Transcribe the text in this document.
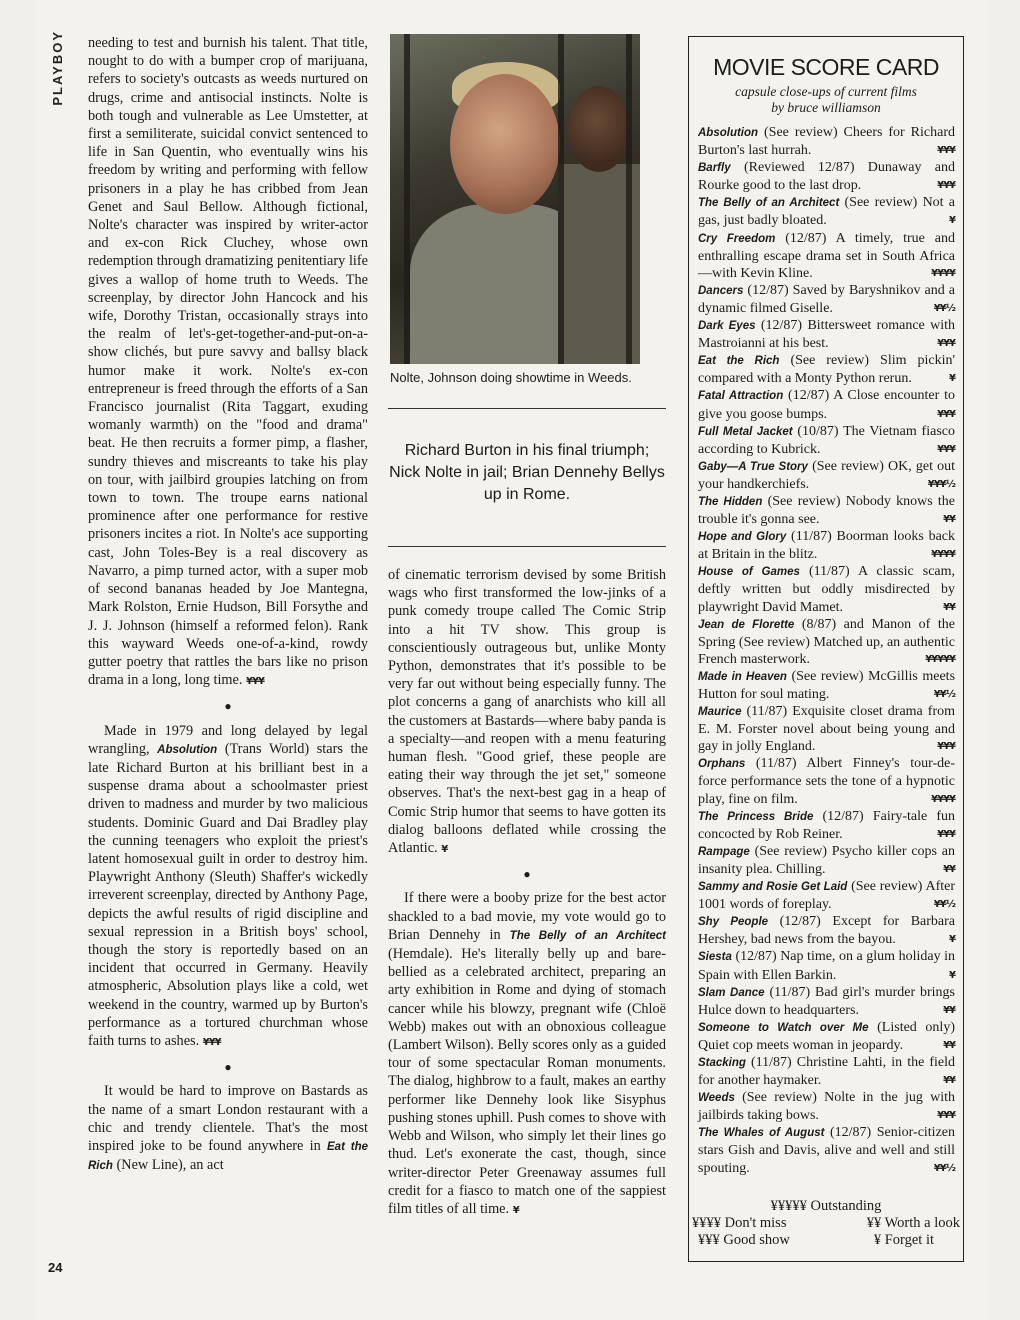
PLAYBOY
24

needing to test and burnish his talent. That title, nought to do with a bumper crop of marijuana, refers to society's outcasts as weeds nurtured on drugs, crime and antisocial instincts. Nolte is both tough and vulnerable as Lee Umstetter, at first a semiliterate, suicidal convict sentenced to life in San Quentin, who eventually wins his freedom by writing and performing with fellow prisoners in a play he has cribbed from Jean Genet and Saul Bellow. Although fictional, Nolte's character was inspired by writer-actor and ex-con Rick Cluchey, whose own redemption through dramatizing penitentiary life gives a wallop of home truth to Weeds. The screenplay, by director John Hancock and his wife, Dorothy Tristan, occasionally strays into the realm of let's-get-together-and-put-on-a-show clichés, but pure savvy and ballsy black humor make it work. Nolte's ex-con entrepreneur is freed through the efforts of a San Francisco journalist (Rita Taggart, exuding womanly warmth) on the "food and drama" beat. He then recruits a former pimp, a flasher, sundry thieves and miscreants to take his play on tour, with jailbird groupies latching on from town to town. The troupe earns national prominence after one performance for restive prisoners incites a riot. In Nolte's ace supporting cast, John Toles-Bey is a real discovery as Navarro, a pimp turned actor, with a super mob of second bananas headed by Joe Mantegna, Mark Rolston, Ernie Hudson, Bill Forsythe and J. J. Johnson (himself a reformed felon). Rank this wayward Weeds one-of-a-kind, rowdy gutter poetry that rattles the bars like no prison drama in a long, long time. ¥¥¥

●

Made in 1979 and long delayed by legal wrangling, Absolution (Trans World) stars the late Richard Burton at his brilliant best in a suspense drama about a schoolmaster priest driven to madness and murder by two malicious students. Dominic Guard and Dai Bradley play the cunning teenagers who exploit the priest's latent homosexual guilt in order to destroy him. Playwright Anthony (Sleuth) Shaffer's wickedly irreverent screenplay, directed by Anthony Page, depicts the awful results of rigid discipline and sexual repression in a British boys' school, though the story is reportedly based on an incident that occurred in Germany. Heavily atmospheric, Absolution plays like a cold, wet weekend in the country, warmed up by Burton's performance as a tortured churchman whose faith turns to ashes. ¥¥¥

●

It would be hard to improve on Bastards as the name of a smart London restaurant with a chic and trendy clientele. That's the most inspired joke to be found anywhere in Eat the Rich (New Line), an act

Nolte, Johnson doing showtime in Weeds.
Richard Burton in his final triumph; Nick Nolte in jail; Brian Dennehy Bellys up in Rome.

of cinematic terrorism devised by some British wags who first transformed the low-jinks of a punk comedy troupe called The Comic Strip into a hit TV show. This group is conscientiously outrageous but, unlike Monty Python, demonstrates that it's possible to be very far out without being especially funny. The plot concerns a gang of anarchists who kill all the customers at Bastards—where baby panda is a specialty—and reopen with a menu featuring human flesh. "Good grief, these people are eating their way through the jet set," someone observes. That's the next-best gag in a heap of Comic Strip humor that seems to have gotten its dialog balloons deflated while crossing the Atlantic. ¥

●

If there were a booby prize for the best actor shackled to a bad movie, my vote would go to Brian Dennehy in The Belly of an Architect (Hemdale). He's literally belly up and bare-bellied as a celebrated architect, preparing an arty exhibition in Rome and dying of stomach cancer while his blowzy, pregnant wife (Chloë Webb) makes out with an obnoxious colleague (Lambert Wilson). Belly scores only as a guided tour of some spectacular Roman monuments. The dialog, highbrow to a fault, makes an earthy performer like Dennehy look like Sisyphus pushing stones uphill. Push comes to shove with Webb and Wilson, who simply let their lines go thud. Let's exonerate the cast, though, since writer-director Peter Greenaway assumes full credit for a fiasco to match one of the sappiest film titles of all time. ¥

MOVIE SCORE CARD
capsule close-ups of current films
by bruce williamson

Absolution (See review) Cheers for Richard Burton's last hurrah.	¥¥¥

Barfly (Reviewed 12/87) Dunaway and Rourke good to the last drop.	¥¥¥

The Belly of an Architect (See review) Not a gas, just badly bloated.	¥

Cry Freedom (12/87) A timely, true and enthralling escape drama set in South Africa—with Kevin Kline.	¥¥¥¥

Dancers (12/87) Saved by Baryshnikov and a dynamic filmed Giselle.	¥¥½

Dark Eyes (12/87) Bittersweet romance with Mastroianni at his best.	¥¥¥

Eat the Rich (See review) Slim pickin' compared with a Monty Python rerun.	¥

Fatal Attraction (12/87) A Close encounter to give you goose bumps.	¥¥¥

Full Metal Jacket (10/87) The Vietnam fiasco according to Kubrick.	¥¥¥

Gaby—A True Story (See review) OK, get out your handkerchiefs.	¥¥¥½

The Hidden (See review) Nobody knows the trouble it's gonna see.	¥¥

Hope and Glory (11/87) Boorman looks back at Britain in the blitz.	¥¥¥¥

House of Games (11/87) A classic scam, deftly written but oddly misdirected by playwright David Mamet.	¥¥

Jean de Florette (8/87) and Manon of the Spring (See review) Matched up, an authentic French masterwork.	¥¥¥¥¥

Made in Heaven (See review) McGillis meets Hutton for soul mating.	¥¥½

Maurice (11/87) Exquisite closet drama from E. M. Forster novel about being young and gay in jolly England.	¥¥¥

Orphans (11/87) Albert Finney's tour-de-force performance sets the tone of a hypnotic play, fine on film.	¥¥¥¥

The Princess Bride (12/87) Fairy-tale fun concocted by Rob Reiner.	¥¥¥

Rampage (See review) Psycho killer cops an insanity plea. Chilling.	¥¥

Sammy and Rosie Get Laid (See review) After 1001 words of foreplay.	¥¥½

Shy People (12/87) Except for Barbara Hershey, bad news from the bayou.	¥

Siesta (12/87) Nap time, on a glum holiday in Spain with Ellen Barkin.	¥

Slam Dance (11/87) Bad girl's murder brings Hulce down to headquarters.	¥¥

Someone to Watch over Me (Listed only) Quiet cop meets woman in jeopardy.	¥¥

Stacking (11/87) Christine Lahti, in the field for another haymaker.	¥¥

Weeds (See review) Nolte in the jug with jailbirds taking bows.	¥¥¥

The Whales of August (12/87) Senior-citizen stars Gish and Davis, alive and well and still spouting.	¥¥½

¥¥¥¥¥ Outstanding
¥¥¥¥ Don't miss	¥¥ Worth a look
¥¥¥ Good show	¥ Forget it
